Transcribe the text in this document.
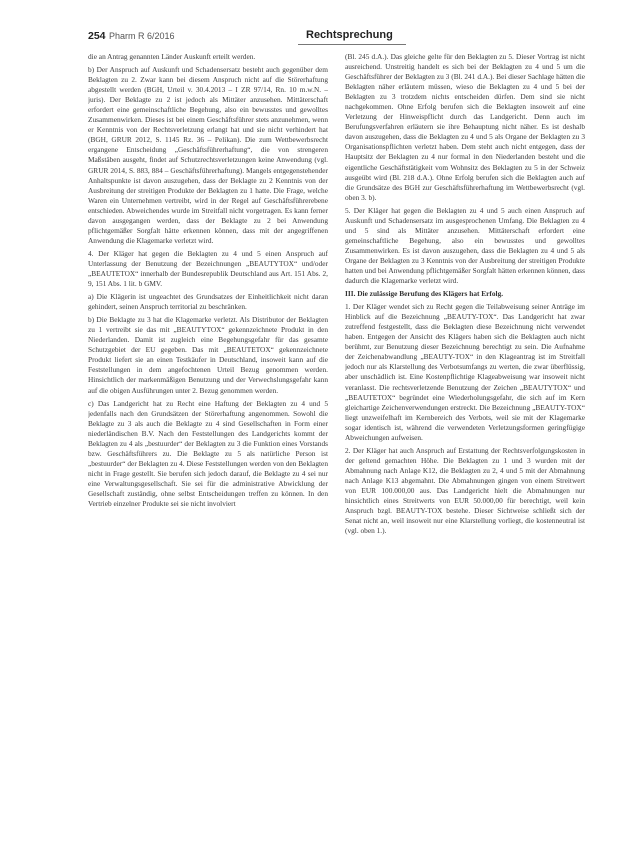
254 Pharm R 6/2016	Rechtsprechung

die an Antrag genannten Länder Auskunft erteilt werden.

b) Der Anspruch auf Auskunft und Schadensersatz besteht auch gegenüber dem Beklagten zu 2. Zwar kann bei diesem Anspruch nicht auf die Störerhaftung abgestellt werden (BGH, Urteil v. 30.4.2013 – I ZR 97/14, Rn. 10 m.w.N. – juris). Der Beklagte zu 2 ist jedoch als Mittäter anzusehen. Mittäterschaft erfordert eine gemeinschaftliche Begehung, also ein bewusstes und gewolltes Zusammenwirken. Dieses ist bei einem Geschäftsführer stets anzunehmen, wenn er Kenntnis von der Rechtsverletzung erlangt hat und sie nicht verhindert hat (BGH, GRUR 2012, S. 1145 Rz. 36 – Pelikan). Die zum Wettbewerbsrecht ergangene Entscheidung „Geschäftsführerhaftung“, die von strengeren Maßstäben ausgeht, findet auf Schutzrechtsverletzungen keine Anwendung (vgl. GRUR 2014, S. 883, 884 – Geschäftsführerhaftung). Mangels entgegenstehender Anhaltspunkte ist davon auszugehen, dass der Beklagte zu 2 Kenntnis von der Ausbreitung der streitigen Produkte der Beklagten zu 1 hatte. Die Frage, welche Waren ein Unternehmen vertreibt, wird in der Regel auf Geschäftsführerebene entschieden. Abweichendes wurde im Streitfall nicht vorgetragen. Es kann ferner davon ausgegangen werden, dass der Beklagte zu 2 bei Anwendung pflichtgemäßer Sorgfalt hätte erkennen können, dass mit der angegriffenen Anwendung die Klagemarke verletzt wird.

4. Der Kläger hat gegen die Beklagten zu 4 und 5 einen Anspruch auf Unterlassung der Benutzung der Bezeichnungen „BEAUTYTOX“ und/oder „BEAUTETOX“ innerhalb der Bundesrepublik Deutschland aus Art. 151 Abs. 2, 9, 151 Abs. 1 lit. b GMV.

a) Die Klägerin ist ungeachtet des Grundsatzes der Einheitlichkeit nicht daran gehindert, seinen Anspruch territorial zu beschränken.

b) Die Beklagte zu 3 hat die Klagemarke verletzt. Als Distributor der Beklagten zu 1 vertreibt sie das mit „BEAUTYTOX“ gekennzeichnete Produkt in den Niederlanden. Damit ist zugleich eine Begehungsgefahr für das gesamte Schutzgebiet der EU gegeben. Das mit „BEAUTETOX“ gekennzeichnete Produkt liefert sie an einen Testkäufer in Deutschland, insoweit kann auf die Feststellungen in dem angefochtenen Urteil Bezug genommen werden. Hinsichtlich der markenmäßigen Benutzung und der Verwechslungsgefahr kann auf die obigen Ausführungen unter 2. Bezug genommen werden.

c) Das Landgericht hat zu Recht eine Haftung der Beklagten zu 4 und 5 jedenfalls nach den Grundsätzen der Störerhaftung angenommen. Sowohl die Beklagte zu 3 als auch die Beklagte zu 4 sind Gesellschaften in Form einer niederländischen B.V. Nach den Feststellungen des Landgerichts kommt der Beklagten zu 4 als „bestuurder“ der Beklagten zu 3 die Funktion eines Vorstands bzw. Geschäftsführers zu. Die Beklagte zu 5 als natürliche Person ist „bestuurder“ der Beklagten zu 4. Diese Feststellungen werden von den Beklagten nicht in Frage gestellt. Sie berufen sich jedoch darauf, die Beklagte zu 4 sei nur eine Verwaltungsgesellschaft. Sie sei für die administrative Abwicklung der Gesellschaft zuständig, ohne selbst Entscheidungen treffen zu können. In den Vertrieb einzelner Produkte sei sie nicht involviert

(Bl. 245 d.A.). Das gleiche gelte für den Beklagten zu 5. Dieser Vortrag ist nicht ausreichend. Unstreitig handelt es sich bei der Beklagten zu 4 und 5 um die Geschäftsführer der Beklagten zu 3 (Bl. 241 d.A.). Bei dieser Sachlage hätten die Beklagten näher erläutern müssen, wieso die Beklagten zu 4 und 5 bei der Beklagten zu 3 trotzdem nichts entscheiden dürfen. Dem sind sie nicht nachgekommen. Ohne Erfolg berufen sich die Beklagten insoweit auf eine Verletzung der Hinweispflicht durch das Landgericht. Denn auch im Berufungsverfahren erläutern sie ihre Behauptung nicht näher. Es ist deshalb davon auszugehen, dass die Beklagten zu 4 und 5 als Organe der Beklagten zu 3 Organisationspflichten verletzt haben. Dem steht auch nicht entgegen, dass der Hauptsitz der Beklagten zu 4 nur formal in den Niederlanden besteht und die eigentliche Geschäftstätigkeit vom Wohnsitz des Beklagten zu 5 in der Schweiz ausgeübt wird (Bl. 218 d.A.). Ohne Erfolg berufen sich die Beklagten auch auf die Grundsätze des BGH zur Geschäftsführerhaftung im Wettbewerbsrecht (vgl. oben 3. b).

5. Der Kläger hat gegen die Beklagten zu 4 und 5 auch einen Anspruch auf Auskunft und Schadensersatz im ausgesprochenen Umfang. Die Beklagten zu 4 und 5 sind als Mittäter anzusehen. Mittäterschaft erfordert eine gemeinschaftliche Begehung, also ein bewusstes und gewolltes Zusammenwirken. Es ist davon auszugehen, dass die Beklagten zu 4 und 5 als Organe der Beklagten zu 3 Kenntnis von der Ausbreitung der streitigen Produkte hatten und bei Anwendung pflichtgemäßer Sorgfalt hätten erkennen können, dass dadurch die Klagemarke verletzt wird.

III. Die zulässige Berufung des Klägers hat Erfolg.

1. Der Kläger wendet sich zu Recht gegen die Teilabweisung seiner Anträge im Hinblick auf die Bezeichnung „BEAUTY-TOX“. Das Landgericht hat zwar zutreffend festgestellt, dass die Beklagten diese Bezeichnung nicht verwendet haben. Entgegen der Ansicht des Klägers haben sich die Beklagten auch nicht berühmt, zur Benutzung dieser Bezeichnung berechtigt zu sein. Die Aufnahme der Zeichenabwandlung „BEAUTY-TOX“ in den Klageantrag ist im Streitfall jedoch nur als Klarstellung des Verbotsumfangs zu werten, die zwar überflüssig, aber unschädlich ist. Eine Kostenpflichtige Klageabweisung war insoweit nicht veranlasst. Die rechtsverletzende Benutzung der Zeichen „BEAUTYTOX“ und „BEAUTETOX“ begründet eine Wiederholungsgefahr, die sich auf im Kern gleichartige Zeichenverwendungen erstreckt. Die Bezeichnung „BEAUTY-TOX“ liegt unzweifelhaft im Kernbereich des Verbots, weil sie mit der Klagemarke sogar identisch ist, während die verwendeten Verletzungsformen geringfügige Abweichungen aufweisen.

2. Der Kläger hat auch Anspruch auf Erstattung der Rechtsverfolgungskosten in der geltend gemachten Höhe. Die Beklagten zu 1 und 3 wurden mit der Abmahnung nach Anlage K12, die Beklagten zu 2, 4 und 5 mit der Abmahnung nach Anlage K13 abgemahnt. Die Abmahnungen gingen von einem Streitwert von EUR 100.000,00 aus. Das Landgericht hielt die Abmahnungen nur hinsichtlich eines Streitwerts von EUR 50.000,00 für berechtigt, weil kein Anspruch bzgl. BEAUTY-TOX bestehe. Dieser Sichtweise schließt sich der Senat nicht an, weil insoweit nur eine Klarstellung vorliegt, die kostenneutral ist (vgl. oben 1.).
